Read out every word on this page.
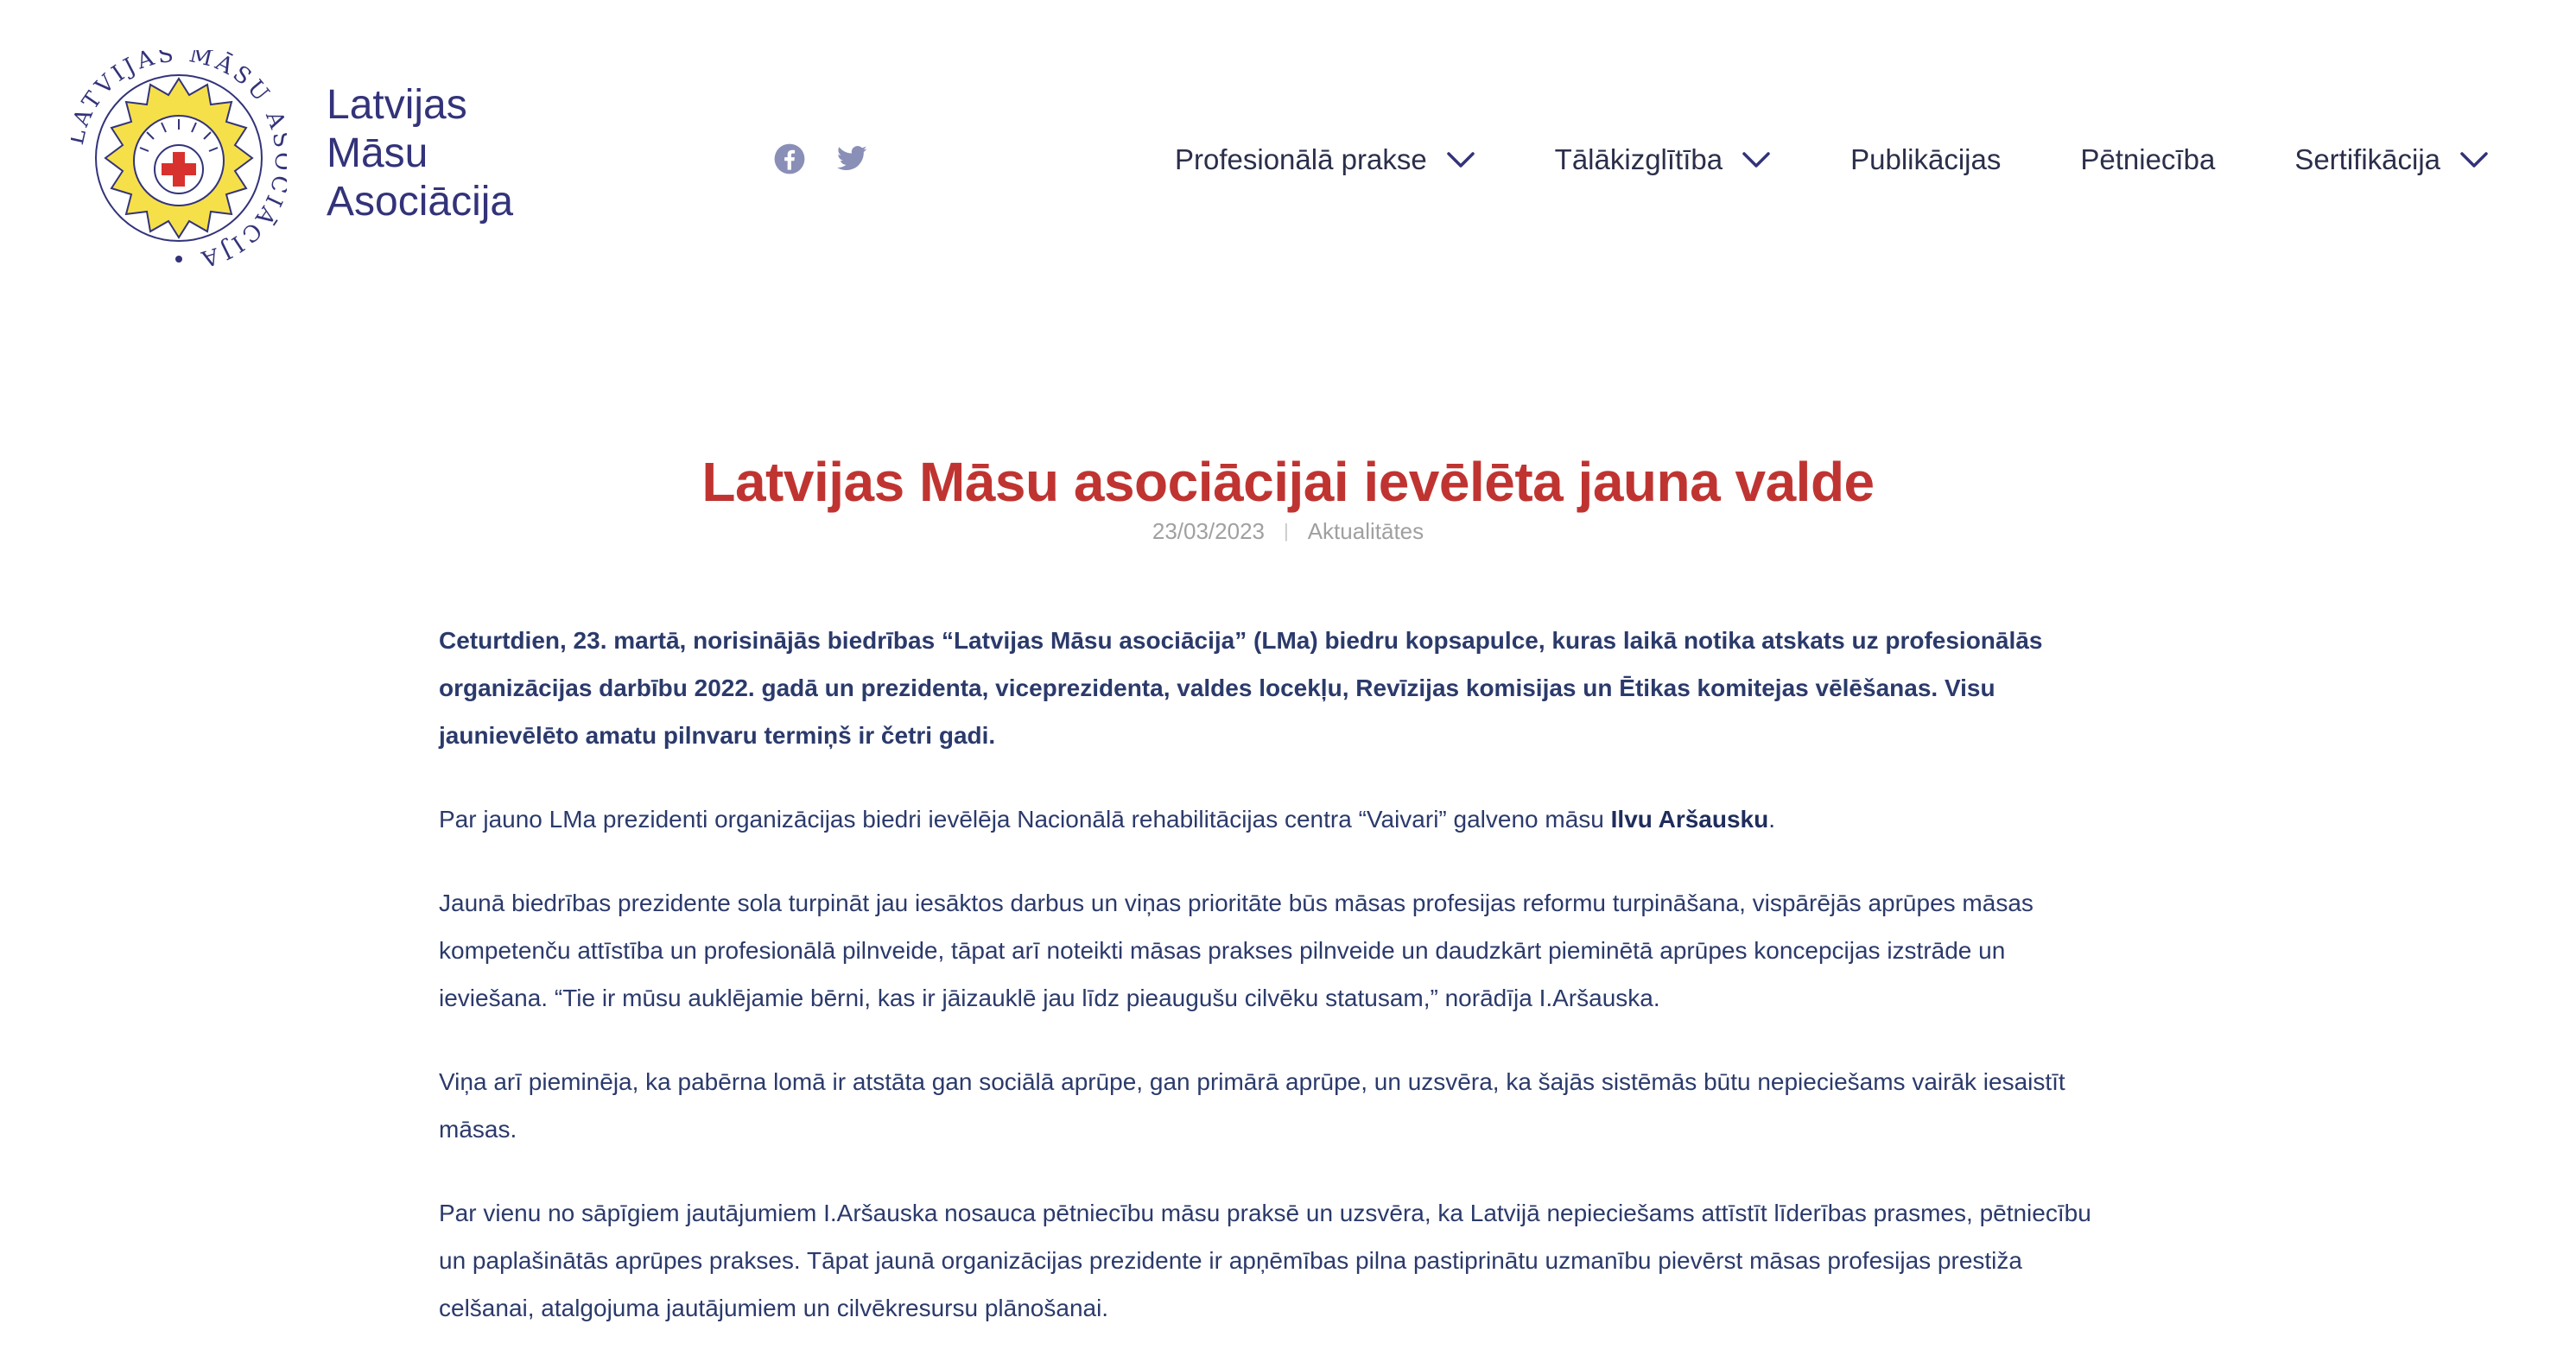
ATVIJAS MĀSU IĀCIJA
Latvijas
Māsu
Asociācija
Profesionālā prakse	Tālākizglītība	Publikācijas	Pētniecība	Sertifikācija
Latvijas Māsu asociācijai ievēlēta jauna valde
23/03/2023 | Aktualitātes

Ceturtdien, 23. martā, norisinājās biedrības “Latvijas Māsu asociācija” (LMa) biedru kopsapulce, kuras laikā notika atskats uz profesionālās organizācijas darbību 2022. gadā un prezidenta, viceprezidenta, valdes locekļu, Revīzijas komisijas un Ētikas komitejas vēlēšanas. Visu jaunievēlēto amatu pilnvaru termiņš ir četri gadi.

Par jauno LMa prezidenti organizācijas biedri ievēlēja Nacionālā rehabilitācijas centra “Vaivari” galveno māsu Ilvu Aršausku.

Jaunā biedrības prezidente sola turpināt jau iesāktos darbus un viņas prioritāte būs māsas profesijas reformu turpināšana, vispārējās aprūpes māsas kompetenču attīstība un profesionālā pilnveide, tāpat arī noteikti māsas prakses pilnveide un daudzkārt pieminētā aprūpes koncepcijas izstrāde un ieviešana. “Tie ir mūsu auklējamie bērni, kas ir jāizauklē jau līdz pieaugušu cilvēku statusam,” norādīja I.Aršauska.

Viņa arī pieminēja, ka pabērna lomā ir atstāta gan sociālā aprūpe, gan primārā aprūpe, un uzsvēra, ka šajās sistēmās būtu nepieciešams vairāk iesaistīt māsas.

Par vienu no sāpīgiem jautājumiem I.Aršauska nosauca pētniecību māsu praksē un uzsvēra, ka Latvijā nepieciešams attīstīt līderības prasmes, pētniecību un paplašinātās aprūpes prakses. Tāpat jaunā organizācijas prezidente ir apņēmības pilna pastiprinātu uzmanību pievērst māsas profesijas prestiža celšanai, atalgojuma jautājumiem un cilvēkresursu plānošanai.
